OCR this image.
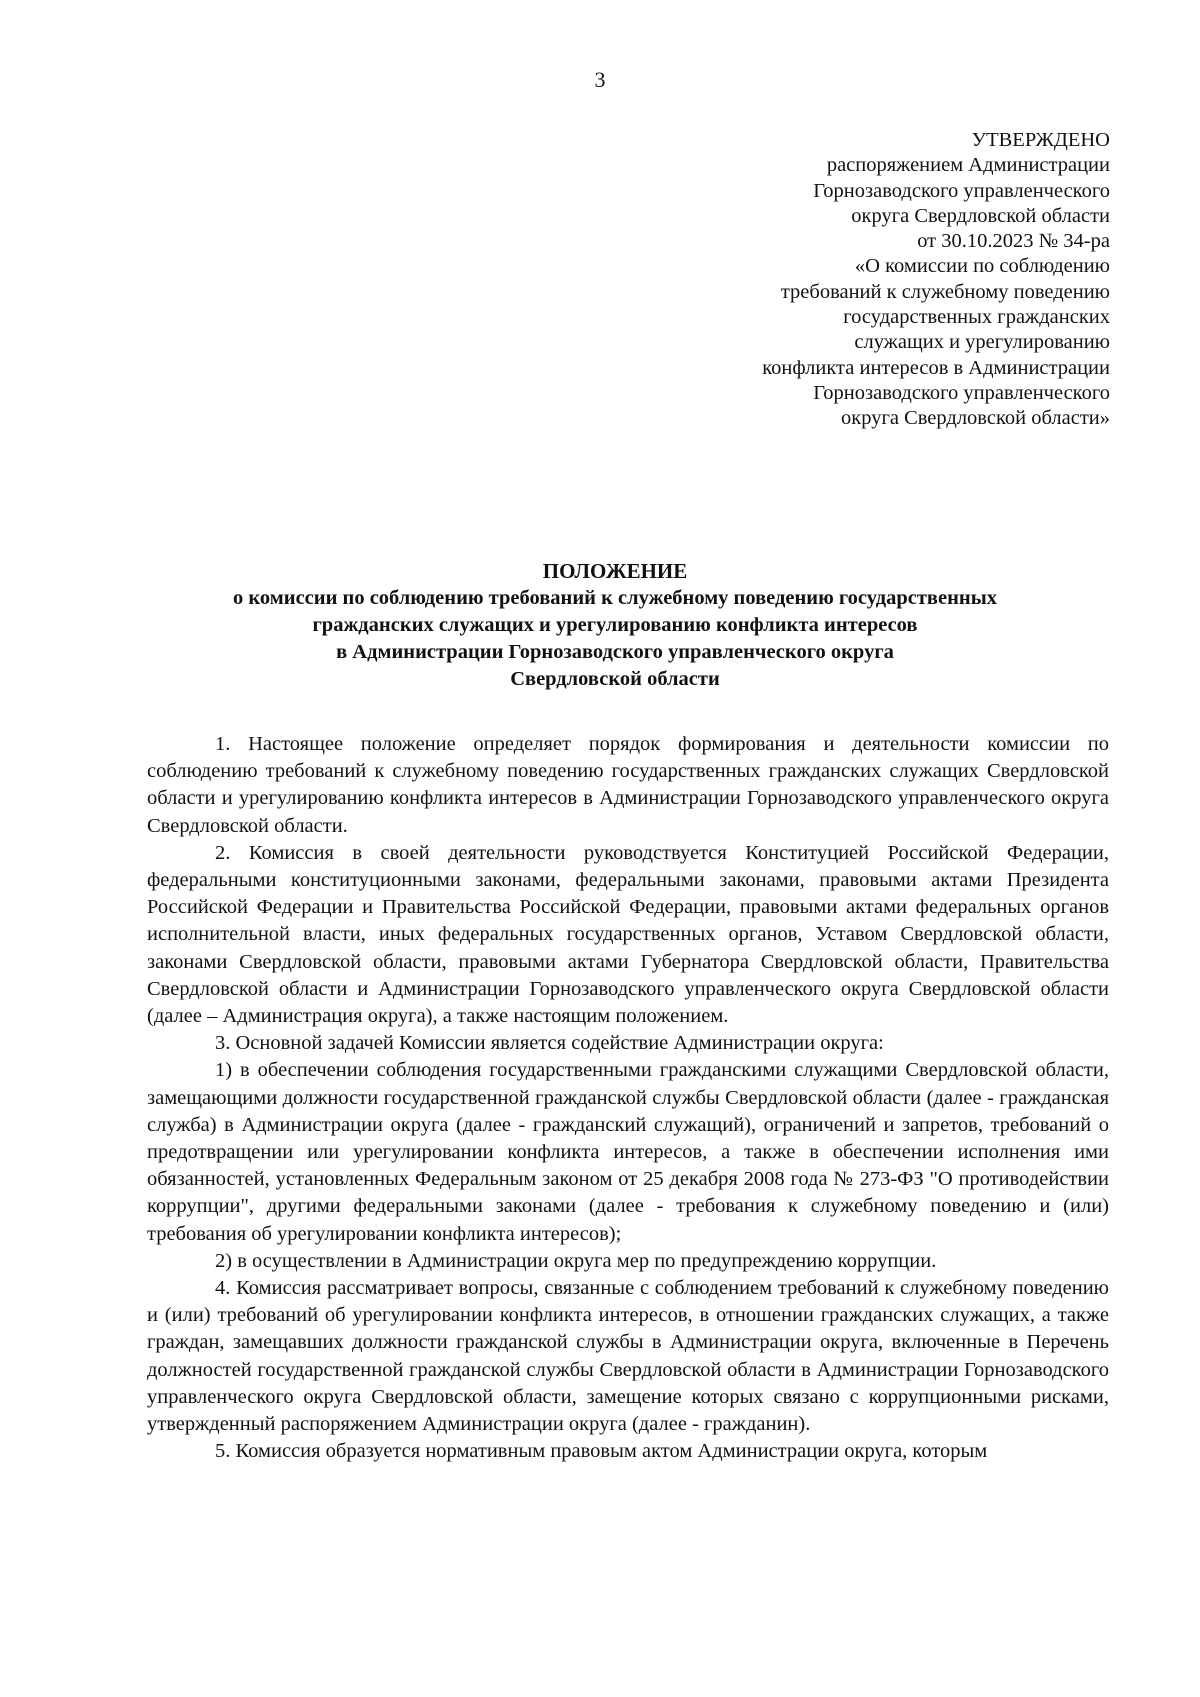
3
УТВЕРЖДЕНО
распоряжением Администрации
Горнозаводского управленческого
округа Свердловской области
от 30.10.2023 № 34-ра
«О комиссии по соблюдению
требований к служебному поведению
государственных гражданских
служащих и урегулированию
конфликта интересов в Администрации
Горнозаводского управленческого
округа Свердловской области»
ПОЛОЖЕНИЕ
о комиссии по соблюдению требований к служебному поведению государственных
гражданских служащих и урегулированию конфликта интересов
в Администрации Горнозаводского управленческого округа
Свердловской области

1. Настоящее положение определяет порядок формирования и деятельности комиссии по соблюдению требований к служебному поведению государственных гражданских служащих Свердловской области и урегулированию конфликта интересов в Администрации Горнозаводского управленческого округа Свердловской области.

2. Комиссия в своей деятельности руководствуется Конституцией Российской Федерации, федеральными конституционными законами, федеральными законами, правовыми актами Президента Российской Федерации и Правительства Российской Федерации, правовыми актами федеральных органов исполнительной власти, иных федеральных государственных органов, Уставом Свердловской области, законами Свердловской области, правовыми актами Губернатора Свердловской области, Правительства Свердловской области и Администрации Горнозаводского управленческого округа Свердловской области (далее – Администрация округа), а также настоящим положением.

3. Основной задачей Комиссии является содействие Администрации округа:

1) в обеспечении соблюдения государственными гражданскими служащими Свердловской области, замещающими должности государственной гражданской службы Свердловской области (далее - гражданская служба) в Администрации округа (далее - гражданский служащий), ограничений и запретов, требований о предотвращении или урегулировании конфликта интересов, а также в обеспечении исполнения ими обязанностей, установленных Федеральным законом от 25 декабря 2008 года № 273-ФЗ "О противодействии коррупции", другими федеральными законами (далее - требования к служебному поведению и (или) требования об урегулировании конфликта интересов);

2) в осуществлении в Администрации округа мер по предупреждению коррупции.

4. Комиссия рассматривает вопросы, связанные с соблюдением требований к служебному поведению и (или) требований об урегулировании конфликта интересов, в отношении гражданских служащих, а также граждан, замещавших должности гражданской службы в Администрации округа, включенные в Перечень должностей государственной гражданской службы Свердловской области в Администрации Горнозаводского управленческого округа Свердловской области, замещение которых связано с коррупционными рисками, утвержденный распоряжением Администрации округа (далее - гражданин).

5. Комиссия образуется нормативным правовым актом Администрации округа, которым
